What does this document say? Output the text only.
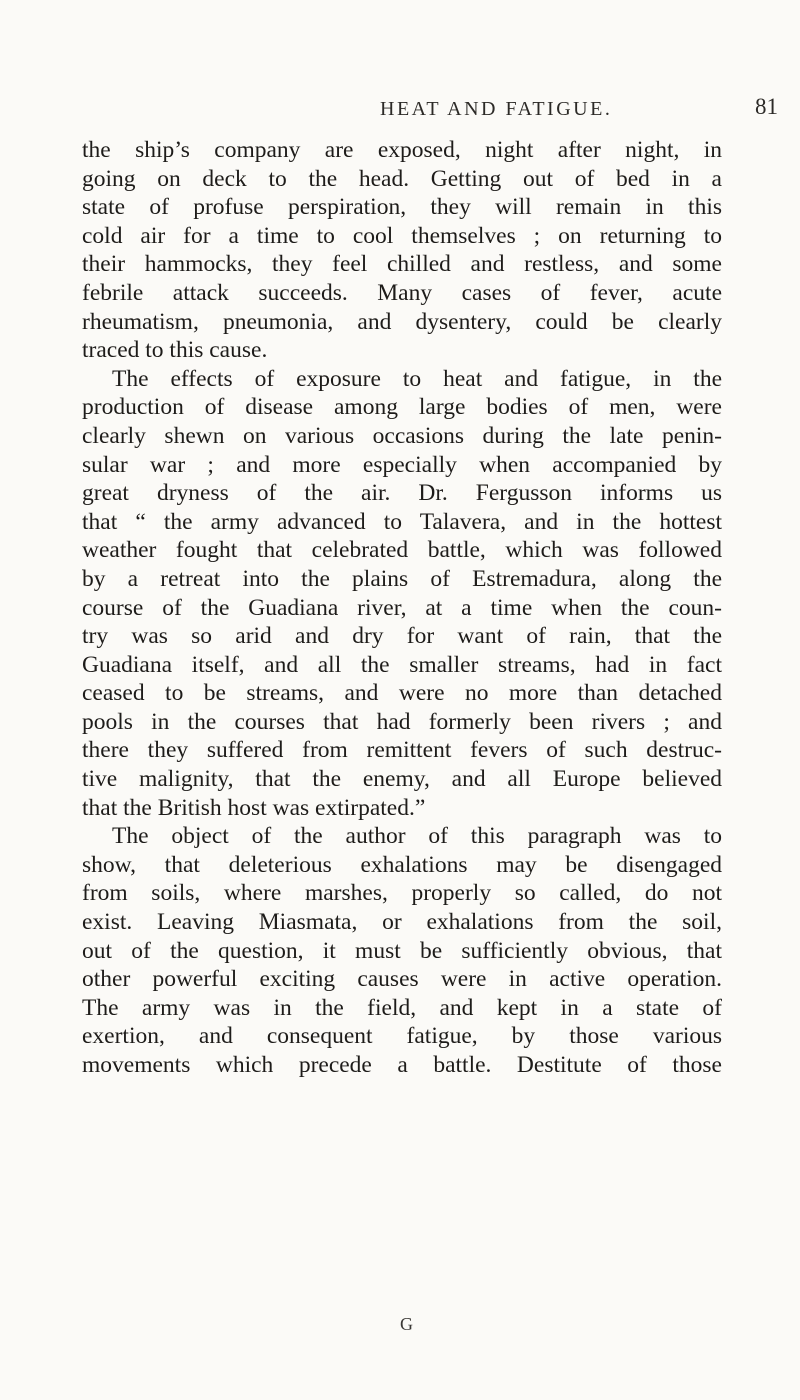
HEAT AND FATIGUE.	81
the ship’s company are exposed, night after night, in
going on deck to the head. Getting out of bed in a
state of profuse perspiration, they will remain in this
cold air for a time to cool themselves ; on returning to
their hammocks, they feel chilled and restless, and some
febrile attack succeeds. Many cases of fever, acute
rheumatism, pneumonia, and dysentery, could be clearly
traced to this cause.
The effects of exposure to heat and fatigue, in the
production of disease among large bodies of men, were
clearly shewn on various occasions during the late penin-
sular war ; and more especially when accompanied by
great dryness of the air. Dr. Fergusson informs us
that “ the army advanced to Talavera, and in the hottest
weather fought that celebrated battle, which was followed
by a retreat into the plains of Estremadura, along the
course of the Guadiana river, at a time when the coun-
try was so arid and dry for want of rain, that the
Guadiana itself, and all the smaller streams, had in fact
ceased to be streams, and were no more than detached
pools in the courses that had formerly been rivers ; and
there they suffered from remittent fevers of such destruc-
tive malignity, that the enemy, and all Europe believed
that the British host was extirpated.”
The object of the author of this paragraph was to
show, that deleterious exhalations may be disengaged
from soils, where marshes, properly so called, do not
exist. Leaving Miasmata, or exhalations from the soil,
out of the question, it must be sufficiently obvious, that
other powerful exciting causes were in active operation.
The army was in the field, and kept in a state of
exertion, and consequent fatigue, by those various
movements which precede a battle. Destitute of those
G
